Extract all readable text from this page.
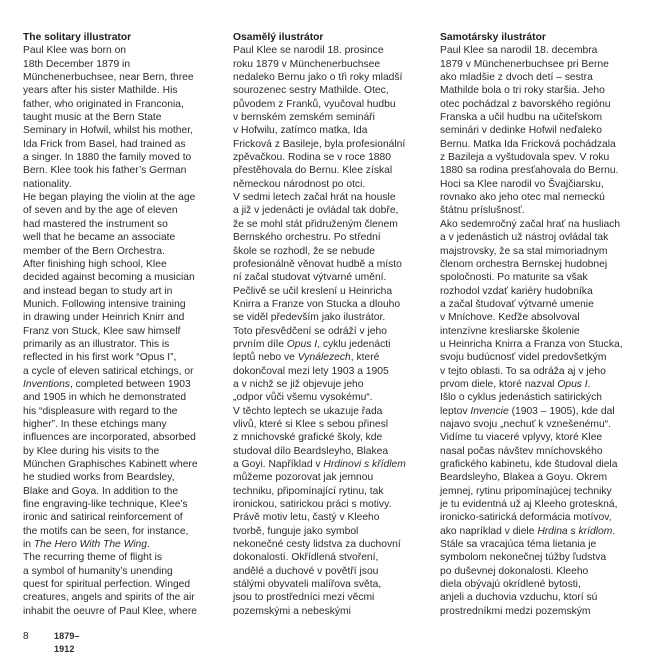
The solitary illustrator
Paul Klee was born on
18th December 1879 in
Münchenerbuchsee, near Bern, three
years after his sister Mathilde. His
father, who originated in Franconia,
taught music at the Bern State
Seminary in Hofwil, whilst his mother,
Ida Frick from Basel, had trained as
a singer. In 1880 the family moved to
Bern. Klee took his father’s German
nationality.
He began playing the violin at the age
of seven and by the age of eleven
had mastered the instrument so
well that he became an associate
member of the Bern Orchestra.
After finishing high school, Klee
decided against becoming a musician
and instead began to study art in
Munich. Following intensive training
in drawing under Heinrich Knirr and
Franz von Stuck, Klee saw himself
primarily as an illustrator. This is
reflected in his first work “Opus I”,
a cycle of eleven satirical etchings, or
Inventions, completed between 1903
and 1905 in which he demonstrated
his “displeasure with regard to the
higher”. In these etchings many
influences are incorporated, absorbed
by Klee during his visits to the
München Graphisches Kabinett where
he studied works from Beardsley,
Blake and Goya. In addition to the
fine engraving-like technique, Klee’s
ironic and satirical reinforcement of
the motifs can be seen, for instance,
in The Hero With The Wing.
The recurring theme of flight is
a symbol of humanity’s unending
quest for spiritual perfection. Winged
creatures, angels and spirits of the air
inhabit the oeuvre of Paul Klee, where
Osamělý ilustrátor
Paul Klee se narodil 18. prosince
roku 1879 v Münchenerbuchsee
nedaleko Bernu jako o tři roky mladší
sourozenec sestry Mathilde. Otec,
původem z Franků, vyučoval hudbu
v bernském zemském semináři
v Hofwilu, zatímco matka, Ida
Fricková z Basileje, byla profesionální
zpěvačkou. Rodina se v roce 1880
přestěhovala do Bernu. Klee získal
německou národnost po otci.
V sedmi letech začal hrát na housle
a již v jedenácti je ovládal tak dobře,
že se mohl stát přidruženým členem
Bernského orchestru. Po střední
škole se rozhodl, že se nebude
profesionálně věnovat hudbě a místo
ní začal studovat výtvarné umění.
Pečlivě se učil kreslení u Heinricha
Knirra a Franze von Stucka a dlouho
se viděl především jako ilustrátor.
Toto přesvědčení se odráží v jeho
prvním díle Opus I, cyklu jedenácti
leptů nebo ve Vynálezech, které
dokončoval mezi lety 1903 a 1905
a v nichž se již objevuje jeho
„odpor vůči všemu vysokému“.
V těchto leptech se ukazuje řada
vlivů, které si Klee s sebou přinesl
z mnichovské grafické školy, kde
studoval dílo Beardsleyho, Blakea
a Goyi. Například v Hrdinovi s křídlem
můžeme pozorovat jak jemnou
techniku, připomínající rytinu, tak
ironickou, satirickou práci s motivy.
Právě motiv letu, častý v Kleeho
tvorbě, funguje jako symbol
nekonečné cesty lidstva za duchovní
dokonalostí. Okřídlená stvoření,
andělé a duchové v povětří jsou
stálými obyvateli malířova světa,
jsou to prostředníci mezi věcmi
pozemskými a nebeskými
Samotársky ilustrátor
Paul Klee sa narodil 18. decembra
1879 v Münchenerbuchsee pri Berne
ako mladšie z dvoch detí – sestra
Mathilde bola o tri roky staršia. Jeho
otec pochádzal z bavorského regiónu
Franska a učil hudbu na učiteľskom
seminári v dedinke Hofwil neďaleko
Bernu. Matka Ida Fricková pochádzala
z Bazileja a vyštudovala spev. V roku
1880 sa rodina presťahovala do Bernu.
Hoci sa Klee narodil vo Švajčiarsku,
rovnako ako jeho otec mal nemeckú
štátnu príslušnosť.
Ako sedemročný začal hrať na husliach
a v jedenástich už nástroj ovládal tak
majstrovsky, že sa stal mimoriadnym
členom orchestra Bernskej hudobnej
spoločnosti. Po maturite sa však
rozhodol vzdať kariéry hudobníka
a začal študovať výtvarné umenie
v Mníchove. Keďže absolvoval
intenzívne kresliarske školenie
u Heinricha Knirra a Franza von Stucka,
svoju budúcnosť videl predovšetkým
v tejto oblasti. To sa odráža aj v jeho
prvom diele, ktoré nazval Opus I.
Išlo o cyklus jedenástich satirických
leptov Invencie (1903 – 1905), kde dal
najavo svoju „nechuť k vznešenému“.
Vidíme tu viaceré vplyvy, ktoré Klee
nasal počas návštev mníchovského
grafického kabinetu, kde študoval diela
Beardsleyho, Blakea a Goyu. Okrem
jemnej, rytinu pripomínajúcej techniky
je tu evidentná už aj Kleeho groteskná,
ironicko-satirická deformácia motívov,
ako napríklad v diele Hrdina s krídlom.
Stále sa vracajúca téma lietania je
symbolom nekonečnej túžby ľudstva
po duševnej dokonalosti. Kleeho
diela obývajú okrídlené bytosti,
anjeli a duchovia vzduchu, ktorí sú
prostredníkmi medzi pozemským
8	1879–1912
